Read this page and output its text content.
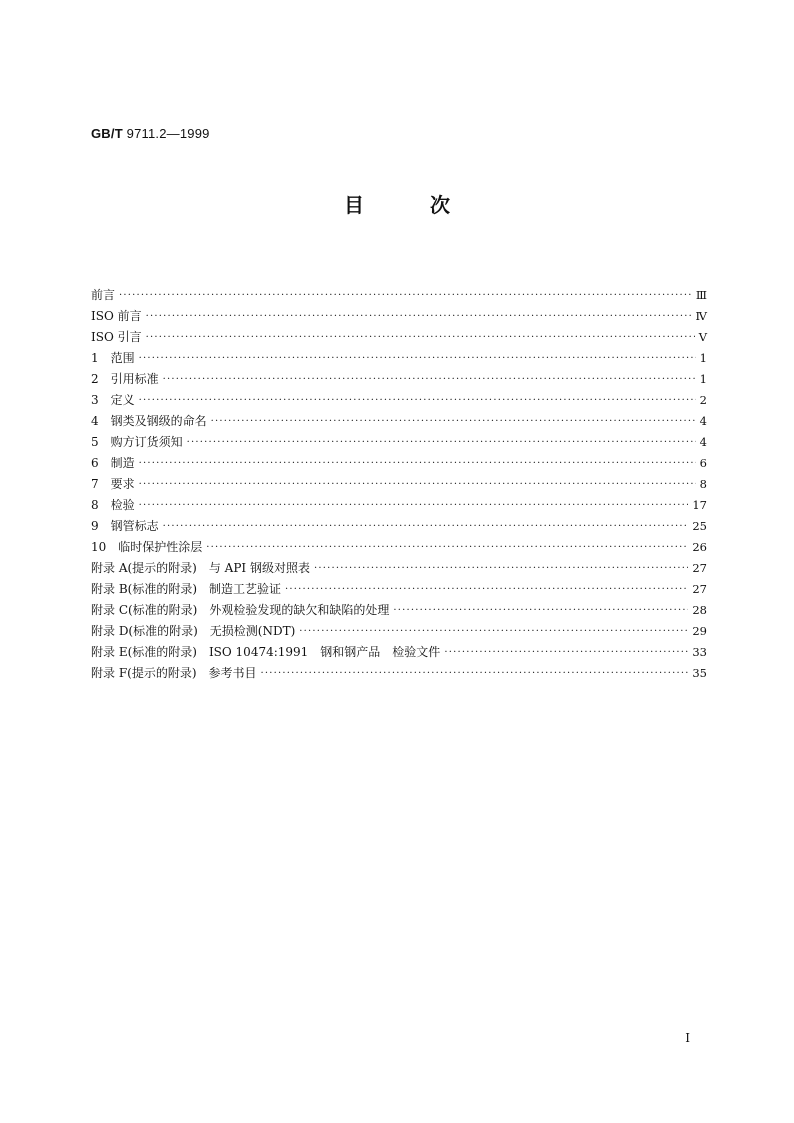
GB/T 9711.2—1999
目	次
前言 ·····	Ⅲ
ISO 前言 ·····	Ⅳ
ISO 引言 ·····	Ⅴ
1　范围 ·····	1
2　引用标准 ·····	1
3　定义 ·····	2
4　钢类及钢级的命名 ·····	4
5　购方订货须知 ·····	4
6　制造 ·····	6
7　要求 ·····	8
8　检验 ·····	17
9　钢管标志 ·····	25
10　临时保护性涂层 ·····	26
附录 A(提示的附录)　与 API 钢级对照表 ·····	27
附录 B(标准的附录)　制造工艺验证 ·····	27
附录 C(标准的附录)　外观检验发现的缺欠和缺陷的处理 ·····	28
附录 D(标准的附录)　无损检测(NDT) ·····	29
附录 E(标准的附录)　ISO 10474:1991　钢和钢产品　检验文件 ·····	33
附录 F(提示的附录)　参考书目 ·····	35
Ⅰ
